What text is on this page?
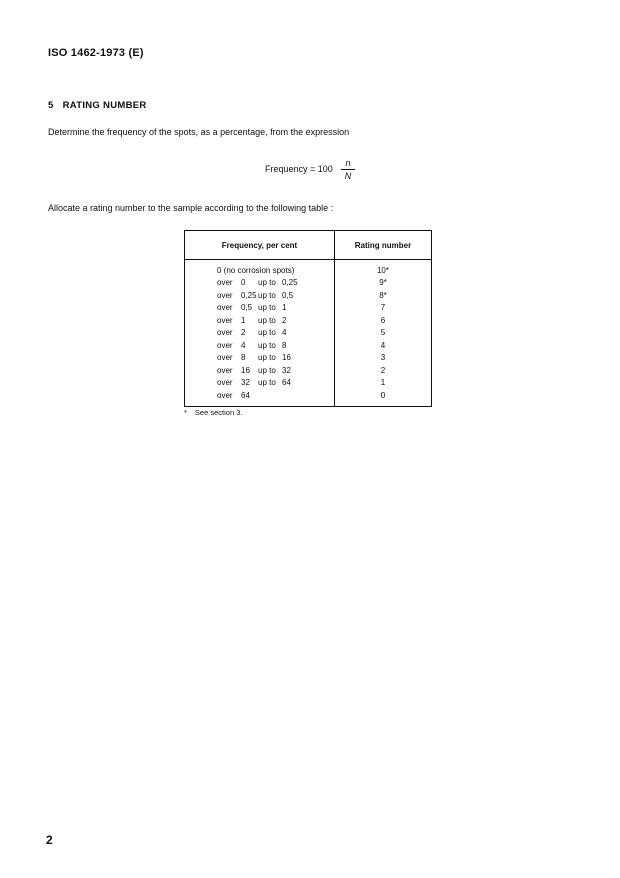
ISO 1462-1973 (E)
5 RATING NUMBER
Determine the frequency of the spots, as a percentage, from the expression
Frequency = 100
n
N
Allocate a rating number to the sample according to the following table :
Frequency, per cent	Rating number
0 (no corrosion spots)	10*
over 0 up to 0,25	9*
over 0,25up to 0,5	8*
over 0,5 up to 1	7
over 1 up to 2	6
over 2 up to 4	5
over 4 up to 8	4
over 8 up to 16	3
over 16 up to 32	2
over 32 up to 64	1
over 64	0
* See section 3.
2
